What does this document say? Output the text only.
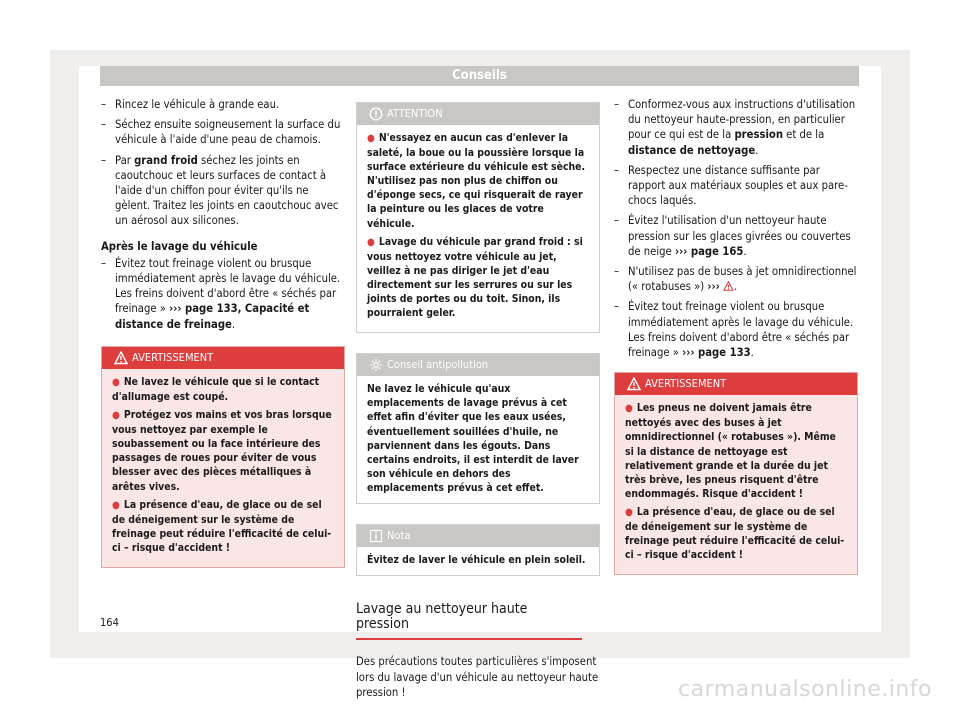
Conseils
– Rincez le véhicule à grande eau.
– Séchez ensuite soigneusement la surface du véhicule à l'aide d'une peau de chamois.
– Par grand froid séchez les joints en caoutchouc et leurs surfaces de contact à l'aide d'un chiffon pour éviter qu'ils ne gèlent. Traitez les joints en caoutchouc avec un aérosol aux silicones.
Après le lavage du véhicule
– Évitez tout freinage violent ou brusque immédiatement après le lavage du véhicule. Les freins doivent d'abord être « séchés par freinage » ››› page 133, Capacité et distance de freinage.
AVERTISSEMENT
● Ne lavez le véhicule que si le contact d'allumage est coupé.
● Protégez vos mains et vos bras lorsque vous nettoyez par exemple le soubassement ou la face intérieure des passages de roues pour éviter de vous blesser avec des pièces métalliques à arêtes vives.
● La présence d'eau, de glace ou de sel de déneigement sur le système de freinage peut réduire l'efficacité de celui-ci – risque d'accident !
ATTENTION
● N'essayez en aucun cas d'enlever la saleté, la boue ou la poussière lorsque la surface extérieure du véhicule est sèche. N'utilisez pas non plus de chiffon ou d'éponge secs, ce qui risquerait de rayer la peinture ou les glaces de votre véhicule.
● Lavage du véhicule par grand froid : si vous nettoyez votre véhicule au jet, veillez à ne pas diriger le jet d'eau directement sur les serrures ou sur les joints de portes ou du toit. Sinon, ils pourraient geler.
Conseil antipollution
Ne lavez le véhicule qu'aux emplacements de lavage prévus à cet effet afin d'éviter que les eaux usées, éventuellement souillées d'huile, ne parviennent dans les égouts. Dans certains endroits, il est interdit de laver son véhicule en dehors des emplacements prévus à cet effet.
Nota
Évitez de laver le véhicule en plein soleil.
Lavage au nettoyeur haute pression

Des précautions toutes particulières s'imposent lors du lavage d'un véhicule au nettoyeur haute pression !

– Conformez-vous aux instructions d'utilisation du nettoyeur haute-pression, en particulier pour ce qui est de la pression et de la distance de nettoyage.
– Respectez une distance suffisante par rapport aux matériaux souples et aux pare-chocs laqués.
– Évitez l'utilisation d'un nettoyeur haute pression sur les glaces givrées ou couvertes de neige ››› page 165.
– N'utilisez pas de buses à jet omnidirectionnel (« rotabuses ») ››› .
– Évitez tout freinage violent ou brusque immédiatement après le lavage du véhicule. Les freins doivent d'abord être « séchés par freinage » ››› page 133.
AVERTISSEMENT
● Les pneus ne doivent jamais être nettoyés avec des buses à jet omnidirectionnel (« rotabuses »). Même si la distance de nettoyage est relativement grande et la durée du jet très brève, les pneus risquent d'être endommagés. Risque d'accident !
● La présence d'eau, de glace ou de sel de déneigement sur le système de freinage peut réduire l'efficacité de celui-ci – risque d'accident !
164
carmanualsonline.info
